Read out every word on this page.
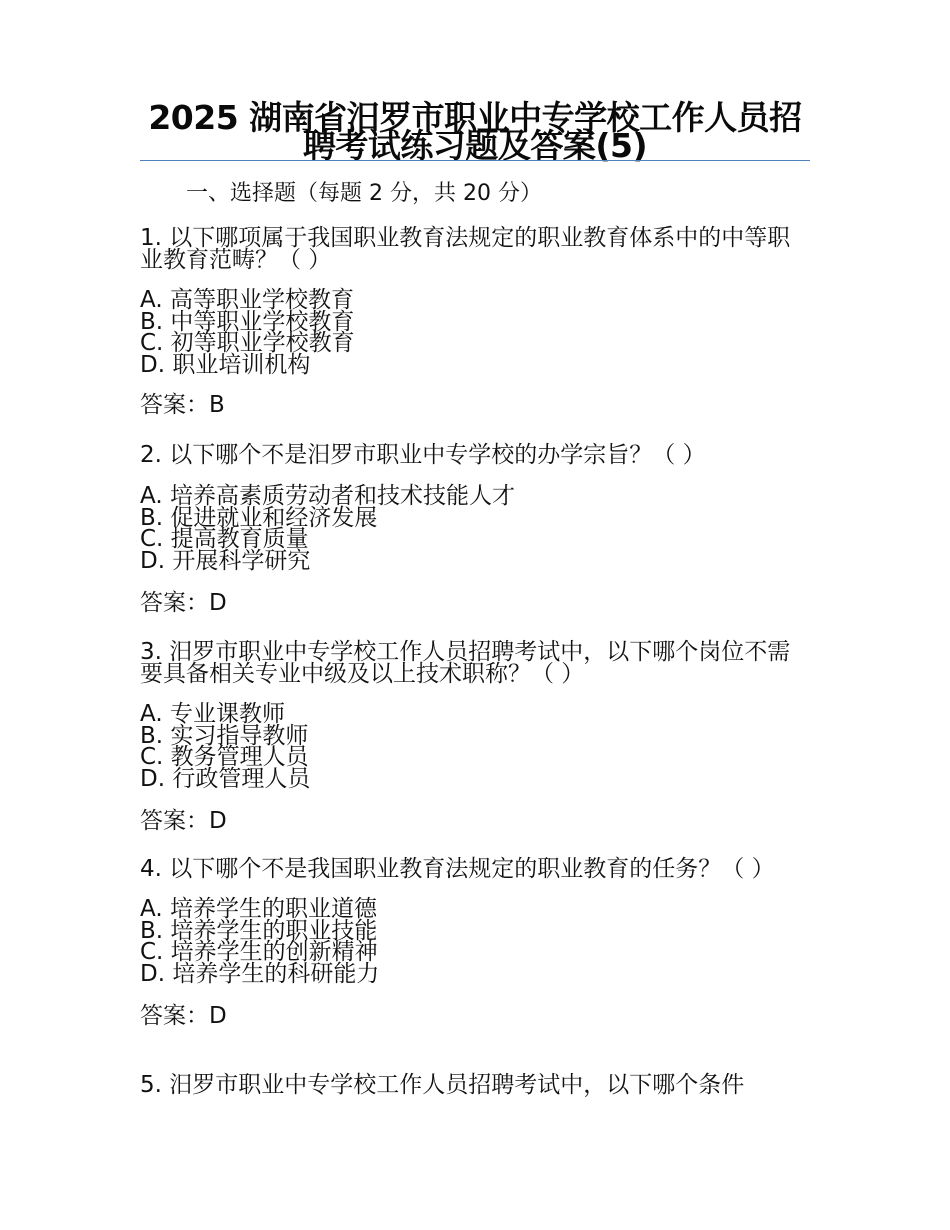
2025 湖南省汨罗市职业中专学校工作人员招聘考试练习题及答案(5)
一、选择题（每题 2 分，共 20 分）

1. 以下哪项属于我国职业教育法规定的职业教育体系中的中等职业教育范畴？（ ）

A. 高等职业学校教育
B. 中等职业学校教育
C. 初等职业学校教育
D. 职业培训机构
答案：B

2. 以下哪个不是汨罗市职业中专学校的办学宗旨？（ ）

A. 培养高素质劳动者和技术技能人才
B. 促进就业和经济发展
C. 提高教育质量
D. 开展科学研究
答案：D

3. 汨罗市职业中专学校工作人员招聘考试中，以下哪个岗位不需要具备相关专业中级及以上技术职称？（ ）

A. 专业课教师
B. 实习指导教师
C. 教务管理人员
D. 行政管理人员
答案：D

4. 以下哪个不是我国职业教育法规定的职业教育的任务？（ ）

A. 培养学生的职业道德
B. 培养学生的职业技能
C. 培养学生的创新精神
D. 培养学生的科研能力
答案：D

5. 汨罗市职业中专学校工作人员招聘考试中，以下哪个条件
